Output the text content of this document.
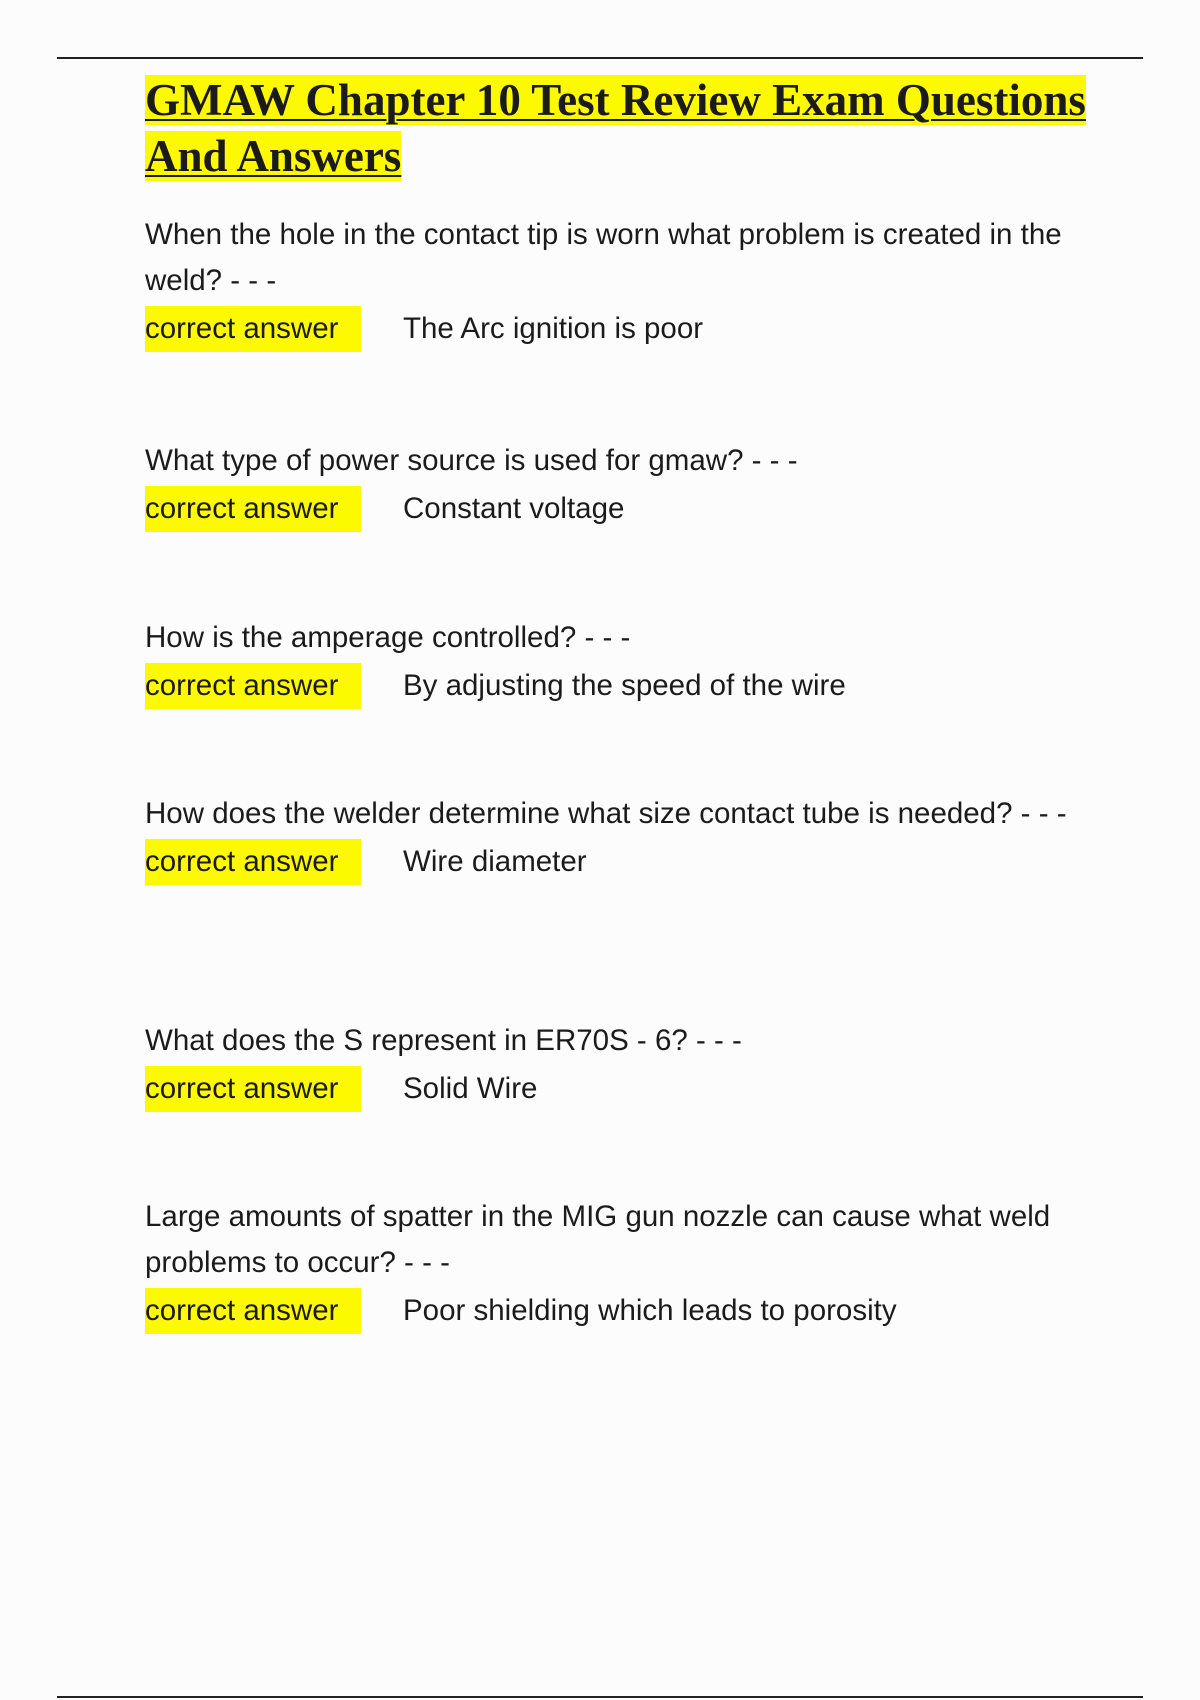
GMAW Chapter 10 Test Review Exam Questions And Answers

When the hole in the contact tip is worn what problem is created in the weld? - - -

correct answer	The Arc ignition is poor

What type of power source is used for gmaw? - - -

correct answer	Constant voltage

How is the amperage controlled? - - -

correct answer	By adjusting the speed of the wire

How does the welder determine what size contact tube is needed? - - -

correct answer	Wire diameter

What does the S represent in ER70S - 6? - - -

correct answer	Solid Wire

Large amounts of spatter in the MIG gun nozzle can cause what weld problems to occur? - - -

correct answer	Poor shielding which leads to porosity
